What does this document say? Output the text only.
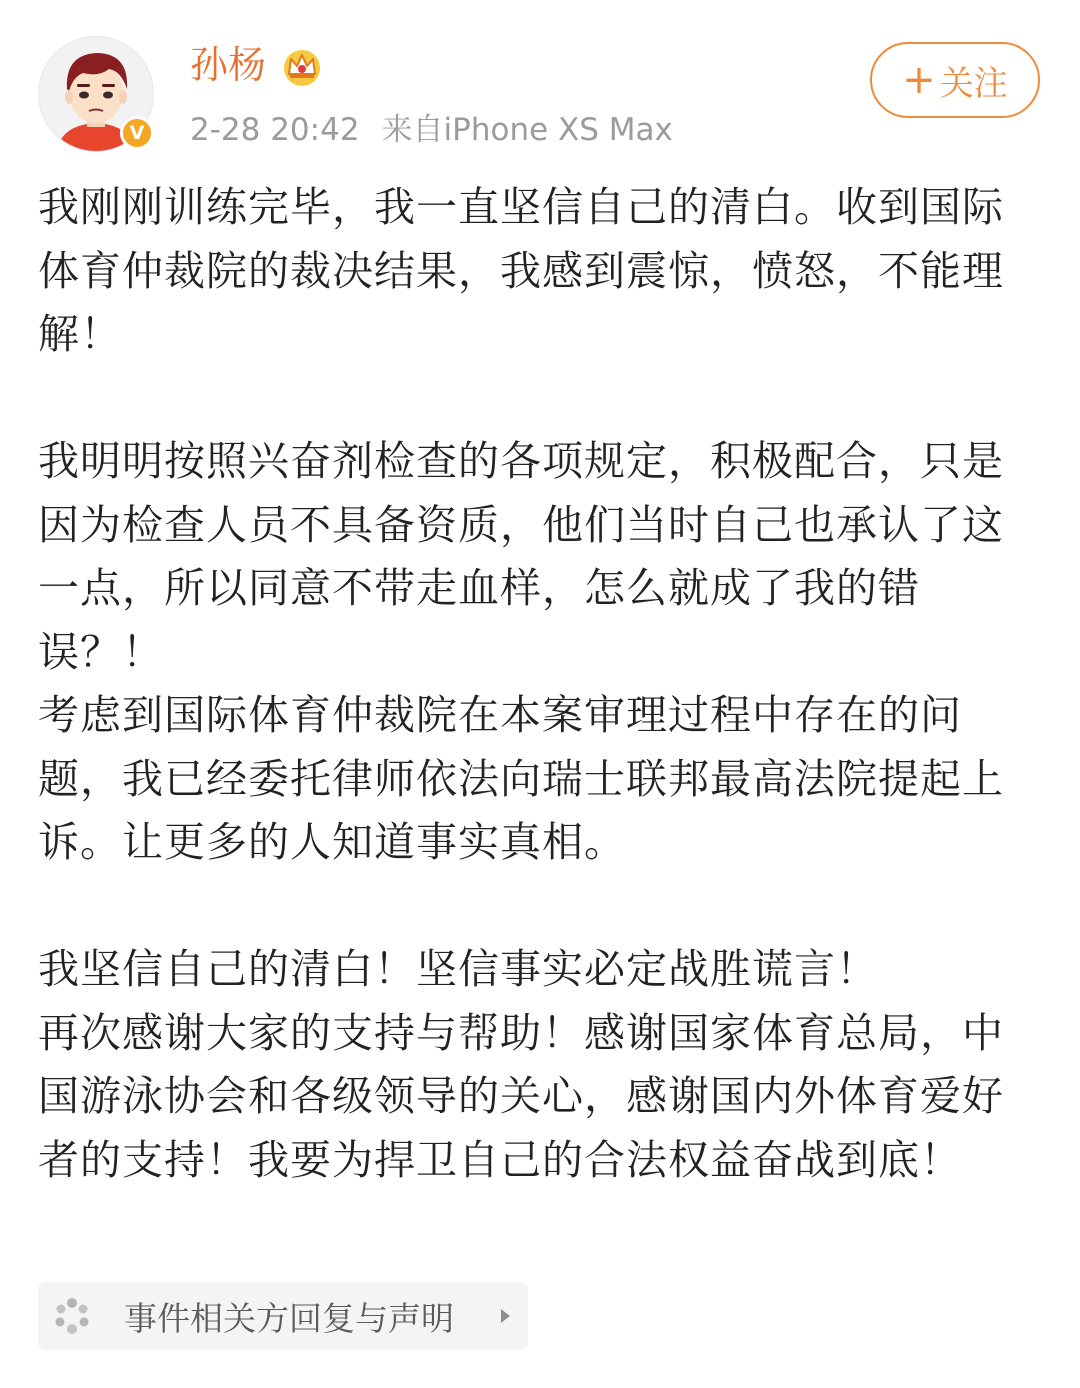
V
孙杨
2-28 20:42 来自iPhone XS Max
+ 关注

我刚刚训练完毕，我一直坚信自己的清白。收到国际体育仲裁院的裁决结果，我感到震惊，愤怒，不能理解！

我明明按照兴奋剂检查的各项规定，积极配合，只是因为检查人员不具备资质，他们当时自己也承认了这一点，所以同意不带走血样，怎么就成了我的错误？！

考虑到国际体育仲裁院在本案审理过程中存在的问题，我已经委托律师依法向瑞士联邦最高法院提起上诉。让更多的人知道事实真相。

我坚信自己的清白！坚信事实必定战胜谎言！

再次感谢大家的支持与帮助！感谢国家体育总局，中国游泳协会和各级领导的关心，感谢国内外体育爱好者的支持！我要为捍卫自己的合法权益奋战到底！

事件相关方回复与声明
